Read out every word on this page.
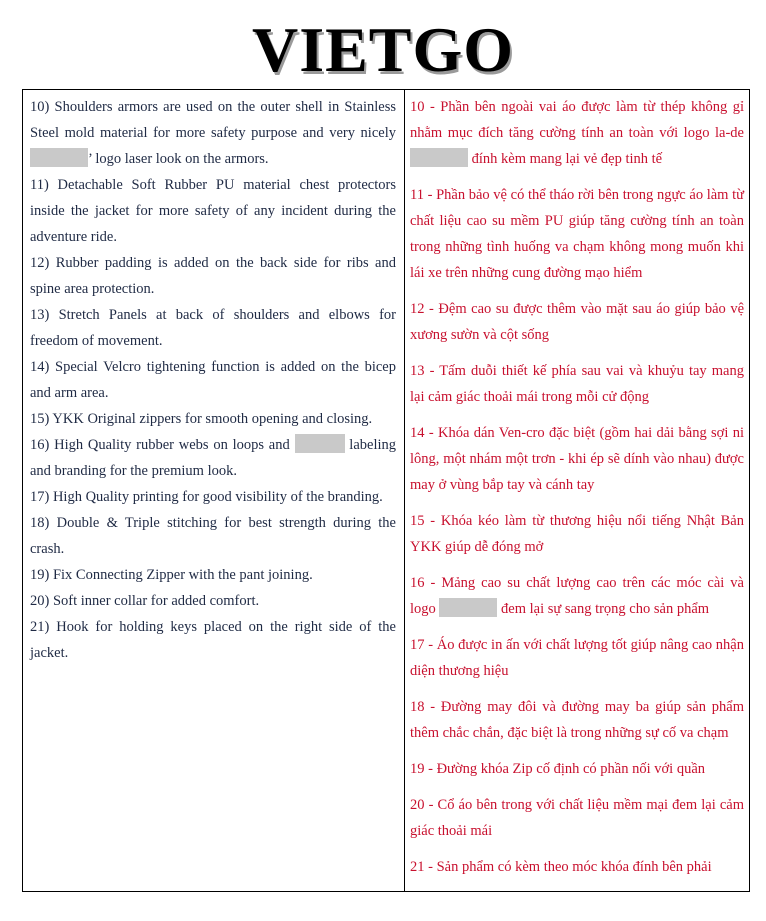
VIETGO

10) Shoulders armors are used on the outer shell in Stainless Steel mold material for more safety purpose and very nicely ’ logo laser look on the armors.

11) Detachable Soft Rubber PU material chest protectors inside the jacket for more safety of any incident during the adventure ride.

12) Rubber padding is added on the back side for ribs and spine area protection.

13) Stretch Panels at back of shoulders and elbows for freedom of movement.

14) Special Velcro tightening function is added on the bicep and arm area.

15) YKK Original zippers for smooth opening and closing.

16) High Quality rubber webs on loops and	labeling and branding for the premium look.

17) High Quality printing for good visibility of the branding.

18) Double & Triple stitching for best strength during the crash.

19) Fix Connecting Zipper with the pant joining.

20) Soft inner collar for added comfort.

21) Hook for holding keys placed on the right side of the jacket.

10 - Phần bên ngoài vai áo được làm từ thép không gỉ nhằm mục đích tăng cường tính an toàn với logo la-de  đính kèm mang lại vẻ đẹp tinh tế

11 - Phần bảo vệ có thể tháo rời bên trong ngực áo làm từ chất liệu cao su mềm PU giúp tăng cường tính an toàn trong những tình huống va chạm không mong muốn khi lái xe trên những cung đường mạo hiểm

12 - Đệm cao su được thêm vào mặt sau áo giúp bảo vệ xương sườn và cột sống

13 - Tấm duỗi thiết kế phía sau vai và khuỷu tay mang lại cảm giác thoải mái trong mỗi cử động

14 - Khóa dán Ven-cro đặc biệt (gồm hai dải bằng sợi ni lông, một nhám một trơn - khi ép sẽ dính vào nhau) được may ở vùng bắp tay và cánh tay

15 - Khóa kéo làm từ thương hiệu nổi tiếng Nhật Bản YKK giúp dễ đóng mở

16 - Mảng cao su chất lượng cao trên các móc cài và logo	đem lại sự sang trọng cho sản phẩm

17 - Áo được in ấn với chất lượng tốt giúp nâng cao nhận diện thương hiệu

18 - Đường may đôi và đường may ba giúp sản phẩm thêm chắc chắn, đặc biệt là trong những sự cố va chạm

19 - Đường khóa Zip cố định có phần nối với quần

20 - Cổ áo bên trong với chất liệu mềm mại đem lại cảm giác thoải mái

21 - Sản phẩm có kèm theo móc khóa đính bên phải
